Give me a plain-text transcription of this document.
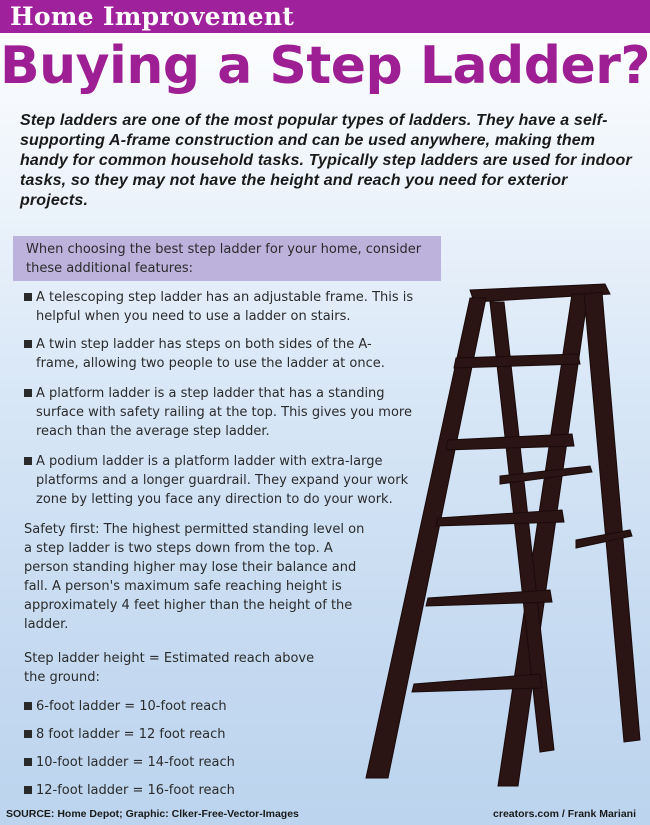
Home Improvement
Buying a Step Ladder?
Step ladders are one of the most popular types of ladders. They have a self-supporting A-frame construction and can be used anywhere, making them handy for common household tasks. Typically step ladders are used for indoor tasks, so they may not have the height and reach you need for exterior projects.
When choosing the best step ladder for your home, consider these additional features:
A telescoping step ladder has an adjustable frame. This is helpful when you need to use a ladder on stairs.
A twin step ladder has steps on both sides of the A-frame, allowing two people to use the ladder at once.
A platform ladder is a step ladder that has a standing surface with safety railing at the top. This gives you more reach than the average step ladder.
A podium ladder is a platform ladder with extra-large platforms and a longer guardrail. They expand your work zone by letting you face any direction to do your work.
Safety first: The highest permitted standing level on a step ladder is two steps down from the top. A person standing higher may lose their balance and fall. A person's maximum safe reaching height is approximately 4 feet higher than the height of the ladder.
Step ladder height = Estimated reach above the ground:
6-foot ladder = 10-foot reach
8 foot ladder = 12 foot reach
10-foot ladder = 14-foot reach
12-foot ladder = 16-foot reach
SOURCE: Home Depot; Graphic: Clker-Free-Vector-Images	creators.com / Frank Mariani
